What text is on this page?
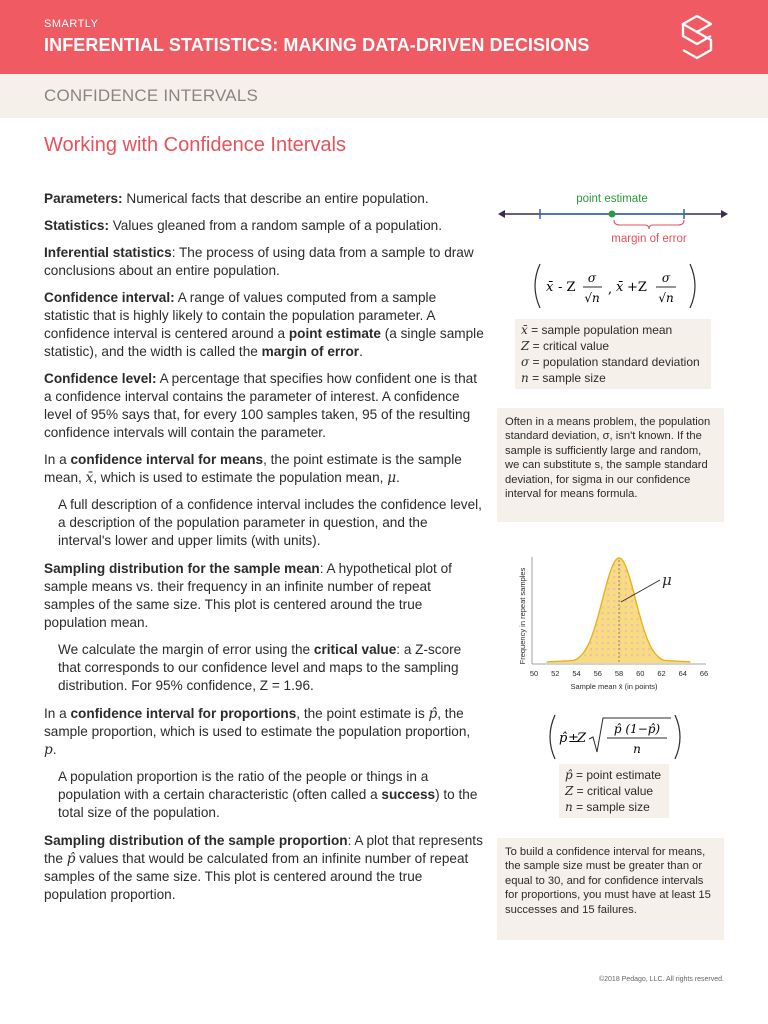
SMARTLY
INFERENTIAL STATISTICS: MAKING DATA-DRIVEN DECISIONS
CONFIDENCE INTERVALS
Working with Confidence Intervals

Parameters: Numerical facts that describe an entire population.

Statistics: Values gleaned from a random sample of a population.

Inferential statistics: The process of using data from a sample to draw conclusions about an entire population.

Confidence interval: A range of values computed from a sample statistic that is highly likely to contain the population parameter. A confidence interval is centered around a point estimate (a single sample statistic), and the width is called the margin of error.

Confidence level: A percentage that specifies how confident one is that a confidence interval contains the parameter of interest. A confidence level of 95% says that, for every 100 samples taken, 95 of the resulting confidence intervals will contain the parameter.

In a confidence interval for means, the point estimate is the sample mean, x̄, which is used to estimate the population mean, μ.

A full description of a confidence interval includes the confidence level, a description of the population parameter in question, and the interval's lower and upper limits (with units).

Sampling distribution for the sample mean: A hypothetical plot of sample means vs. their frequency in an infinite number of repeat samples of the same size. This plot is centered around the true population mean.

We calculate the margin of error using the critical value: a Z-score that corresponds to our confidence level and maps to the sampling distribution. For 95% confidence, Z = 1.96.

In a confidence interval for proportions, the point estimate is p̂, the sample proportion, which is used to estimate the population proportion, p.

A population proportion is the ratio of the people or things in a population with a certain characteristic (often called a success) to the total size of the population.

Sampling distribution of the sample proportion: A plot that represents the p̂ values that would be calculated from an infinite number of repeat samples of the same size. This plot is centered around the true population proportion.

point estimate
margin of error
x̄ - Z
σ
√n
, x̄ +Z
σ
√n
x̄ = sample population mean
Z = critical value
σ = population standard deviation
n = sample size
Often in a means problem, the population standard deviation, σ, isn't known. If the sample is sufficiently large and random, we can substitute s, the sample standard deviation, for sigma in our confidence interval for means formula.
Frequency in repeat samples	× ×
×
×
×
×
×
×
×
×
×
×
×
×
×
×
×
×
×
×
×
×
×
×
×
×
×
×
×
×
×
×
×
×
×
×
×
×
×
×
×
×
×
×
×
×
×
×
×
×
×
×
×
×
×
×
×
×
×
×
×
×
×
×
×
×
×
×
×
×
×
×
×
×
×
×
×
×
×
×
×
×
×
×
×
×
×
×
×
×
×
×
×
×
×
×
×
×
×
×
×
×
×
×
×
50 52 54 56 58 60 62 64 66
Sample mean x̄ (in points)
μ
p̂ ±
Z
p̂ (1−p̂)
n
p̂ = point estimate
Z = critical value
n = sample size
To build a confidence interval for means, the sample size must be greater than or equal to 30, and for confidence intervals for proportions, you must have at least 15 successes and 15 failures.
©2018 Pedago, LLC. All rights reserved.
